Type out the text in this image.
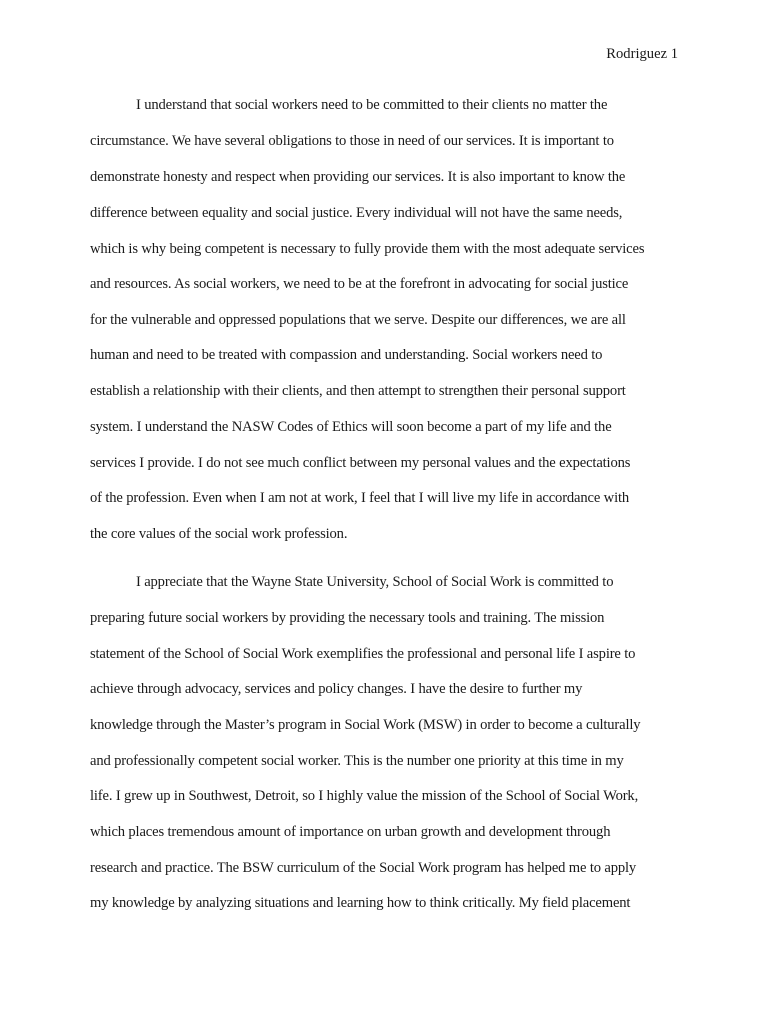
Rodriguez 1
I understand that social workers need to be committed to their clients no matter the
circumstance. We have several obligations to those in need of our services. It is important to
demonstrate honesty and respect when providing our services. It is also important to know the
difference between equality and social justice. Every individual will not have the same needs,
which is why being competent is necessary to fully provide them with the most adequate services
and resources. As social workers, we need to be at the forefront in advocating for social justice
for the vulnerable and oppressed populations that we serve. Despite our differences, we are all
human and need to be treated with compassion and understanding. Social workers need to
establish a relationship with their clients, and then attempt to strengthen their personal support
system. I understand the NASW Codes of Ethics will soon become a part of my life and the
services I provide. I do not see much conflict between my personal values and the expectations
of the profession. Even when I am not at work, I feel that I will live my life in accordance with
the core values of the social work profession.
I appreciate that the Wayne State University, School of Social Work is committed to
preparing future social workers by providing the necessary tools and training. The mission
statement of the School of Social Work exemplifies the professional and personal life I aspire to
achieve through advocacy, services and policy changes. I have the desire to further my
knowledge through the Master’s program in Social Work (MSW) in order to become a culturally
and professionally competent social worker. This is the number one priority at this time in my
life. I grew up in Southwest, Detroit, so I highly value the mission of the School of Social Work,
which places tremendous amount of importance on urban growth and development through
research and practice. The BSW curriculum of the Social Work program has helped me to apply
my knowledge by analyzing situations and learning how to think critically. My field placement
